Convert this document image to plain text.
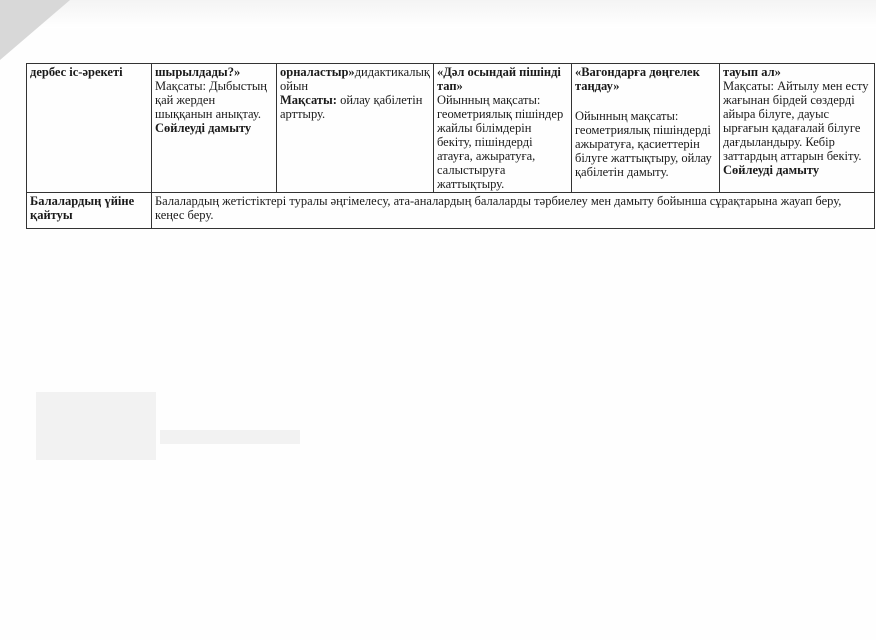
дербес іс-әрекеті	шырылдады?»
Мақсаты: Дыбыстың қай жерден шыққанын анықтау.
Сөйлеуді дамыту	орналастыр»дидактикалық ойын
Мақсаты: ойлау қабілетін арттыру.	«Дәл осындай пішінді тап»
Ойынның мақсаты: геометриялық пішіндер жайлы білімдерін бекіту, пішіндерді атауға, ажыратуға, салыстыруға жаттықтыру.	«Вагондарға дөңгелек таңдау»
Ойынның мақсаты: геометриялық пішіндерді ажыратуға, қасиеттерін білуге жаттықтыру, ойлау қабілетін дамыту.	тауып ал»
Мақсаты: Айтылу мен есту жағынан бірдей сөздерді айыра білуге, дауыс ырғағын қадағалай білуге дағдыландыру. Кебір заттардың аттарын бекіту.
Сөйлеуді дамыту

Балалардың үйіне қайтуы	Балалардың жетістіктері туралы әңгімелесу, ата-аналардың балаларды тәрбиелеу мен дамыту бойынша сұрақтарына жауап беру, кеңес беру.				
